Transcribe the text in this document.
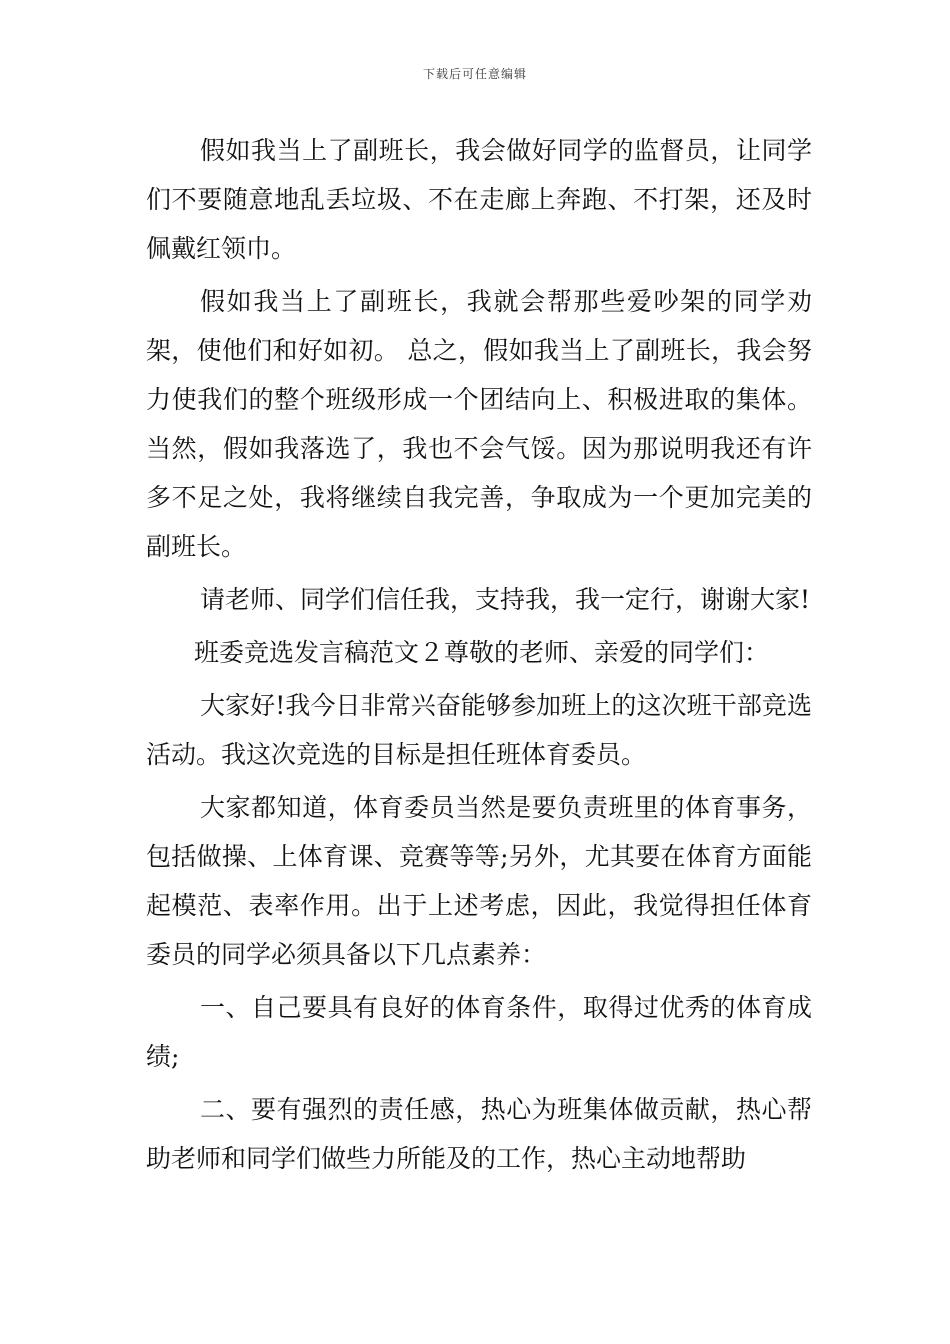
下载后可任意编辑

假如我当上了副班长，我会做好同学的监督员，让同学们不要随意地乱丢垃圾、不在走廊上奔跑、不打架，还及时佩戴红领巾。

假如我当上了副班长，我就会帮那些爱吵架的同学劝架，使他们和好如初。 总之，假如我当上了副班长，我会努力使我们的整个班级形成一个团结向上、积极进取的集体。当然，假如我落选了，我也不会气馁。因为那说明我还有许多不足之处，我将继续自我完善，争取成为一个更加完美的副班长。

请老师、同学们信任我，支持我，我一定行，谢谢大家!

班委竞选发言稿范文２尊敬的老师、亲爱的同学们：

大家好!我今日非常兴奋能够参加班上的这次班干部竞选活动。我这次竞选的目标是担任班体育委员。

大家都知道，体育委员当然是要负责班里的体育事务，包括做操、上体育课、竞赛等等;另外，尤其要在体育方面能起模范、表率作用。出于上述考虑，因此，我觉得担任体育委员的同学必须具备以下几点素养：

一、自己要具有良好的体育条件，取得过优秀的体育成绩;

二、要有强烈的责任感，热心为班集体做贡献，热心帮助老师和同学们做些力所能及的工作，热心主动地帮助
